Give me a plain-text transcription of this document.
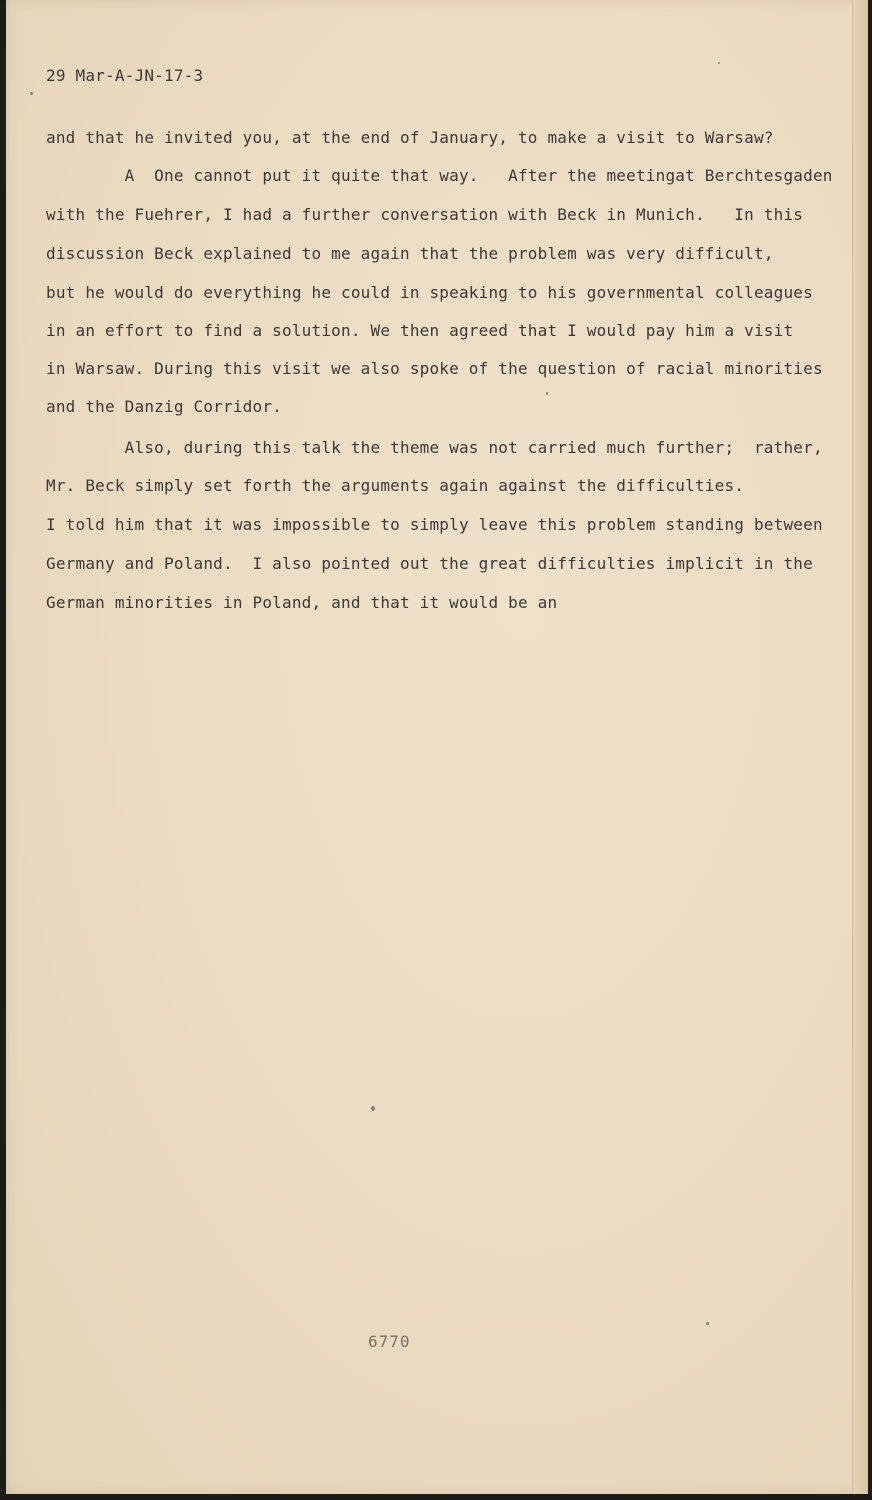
29 Mar-A-JN-17-3
and that he invited you, at the end of January, to make a visit to Warsaw?
A  One cannot put it quite that way.   After the meetingat Berchtesgaden
with the Fuehrer, I had a further conversation with Beck in Munich.   In this
discussion Beck explained to me again that the problem was very difficult,
but he would do everything he could in speaking to his governmental colleagues
in an effort to find a solution. We then agreed that I would pay him a visit
in Warsaw. During this visit we also spoke of the question of racial minorities
and the Danzig Corridor.
Also, during this talk the theme was not carried much further;  rather,
Mr. Beck simply set forth the arguments again against the difficulties.
I told him that it was impossible to simply leave this problem standing between
Germany and Poland.  I also pointed out the great difficulties implicit in the
German minorities in Poland, and that it would be an
6770
